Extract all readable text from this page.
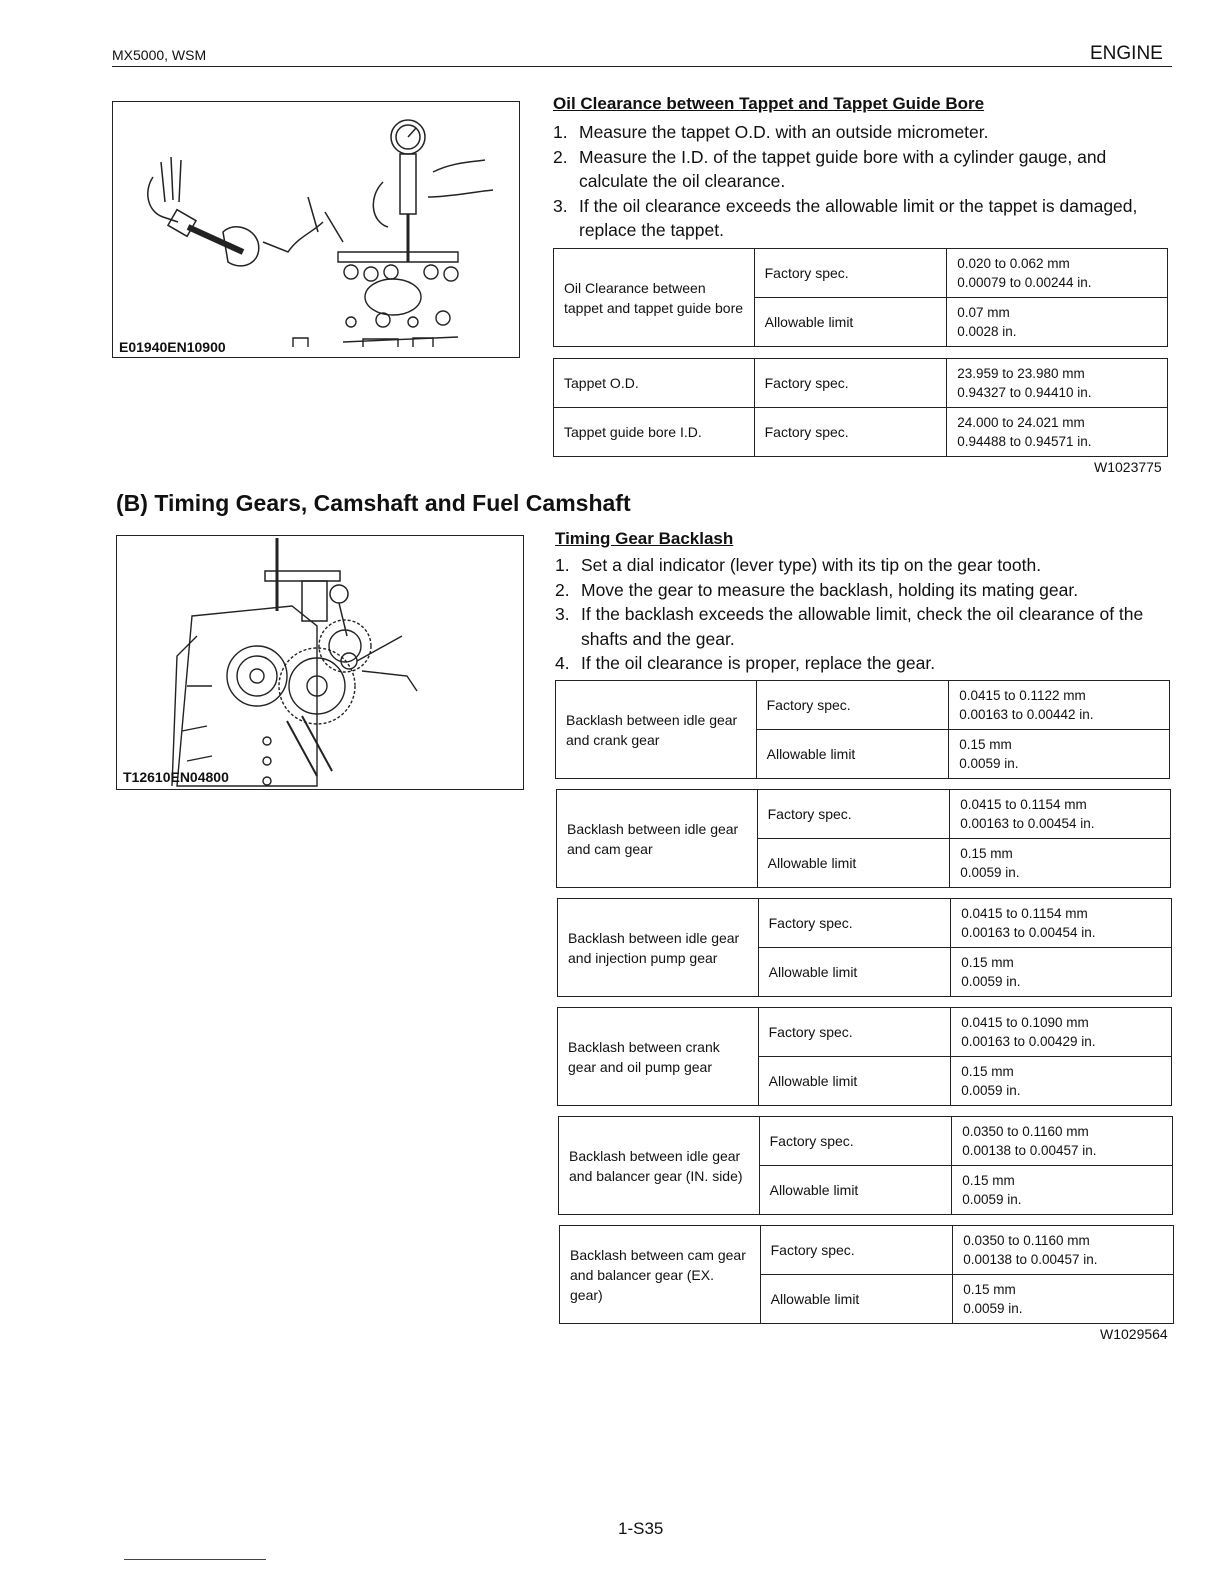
MX5000, WSM	ENGINE
E01940EN10900
Oil Clearance between Tappet and Tappet Guide Bore
1. Measure the tappet O.D. with an outside micrometer.
2. Measure the I.D. of the tappet guide bore with a cylinder gauge, and calculate the oil clearance.
3. If the oil clearance exceeds the allowable limit or the tappet is damaged, replace the tappet.
Oil Clearance between tappet and tappet guide bore	Factory spec.	0.020 to 0.062 mm
0.00079 to 0.00244 in.

	Allowable limit	0.07 mm
0.0028 in.
Tappet O.D.	Factory spec.	23.959 to 23.980 mm
0.94327 to 0.94410 in.

Tappet guide bore I.D.	Factory spec.	24.000 to 24.021 mm
0.94488 to 0.94571 in.
W1023775
(B) Timing Gears, Camshaft and Fuel Camshaft
T12610EN04800
Timing Gear Backlash
1. Set a dial indicator (lever type) with its tip on the gear tooth.
2. Move the gear to measure the backlash, holding its mating gear.
3. If the backlash exceeds the allowable limit, check the oil clearance of the shafts and the gear.
4. If the oil clearance is proper, replace the gear.
Backlash between idle gear and crank gear	Factory spec.	0.0415 to 0.1122 mm
0.00163 to 0.00442 in.

	Allowable limit	0.15 mm
0.0059 in.
Backlash between idle gear and cam gear	Factory spec.	0.0415 to 0.1154 mm
0.00163 to 0.00454 in.

	Allowable limit	0.15 mm
0.0059 in.
Backlash between idle gear and injection pump gear	Factory spec.	0.0415 to 0.1154 mm
0.00163 to 0.00454 in.

	Allowable limit	0.15 mm
0.0059 in.
Backlash between crank gear and oil pump gear	Factory spec.	0.0415 to 0.1090 mm
0.00163 to 0.00429 in.

	Allowable limit	0.15 mm
0.0059 in.
Backlash between idle gear and balancer gear (IN. side)	Factory spec.	0.0350 to 0.1160 mm
0.00138 to 0.00457 in.

	Allowable limit	0.15 mm
0.0059 in.
Backlash between cam gear and balancer gear (EX. gear)	Factory spec.	0.0350 to 0.1160 mm
0.00138 to 0.00457 in.

	Allowable limit	0.15 mm
0.0059 in.
W1029564
1-S35
